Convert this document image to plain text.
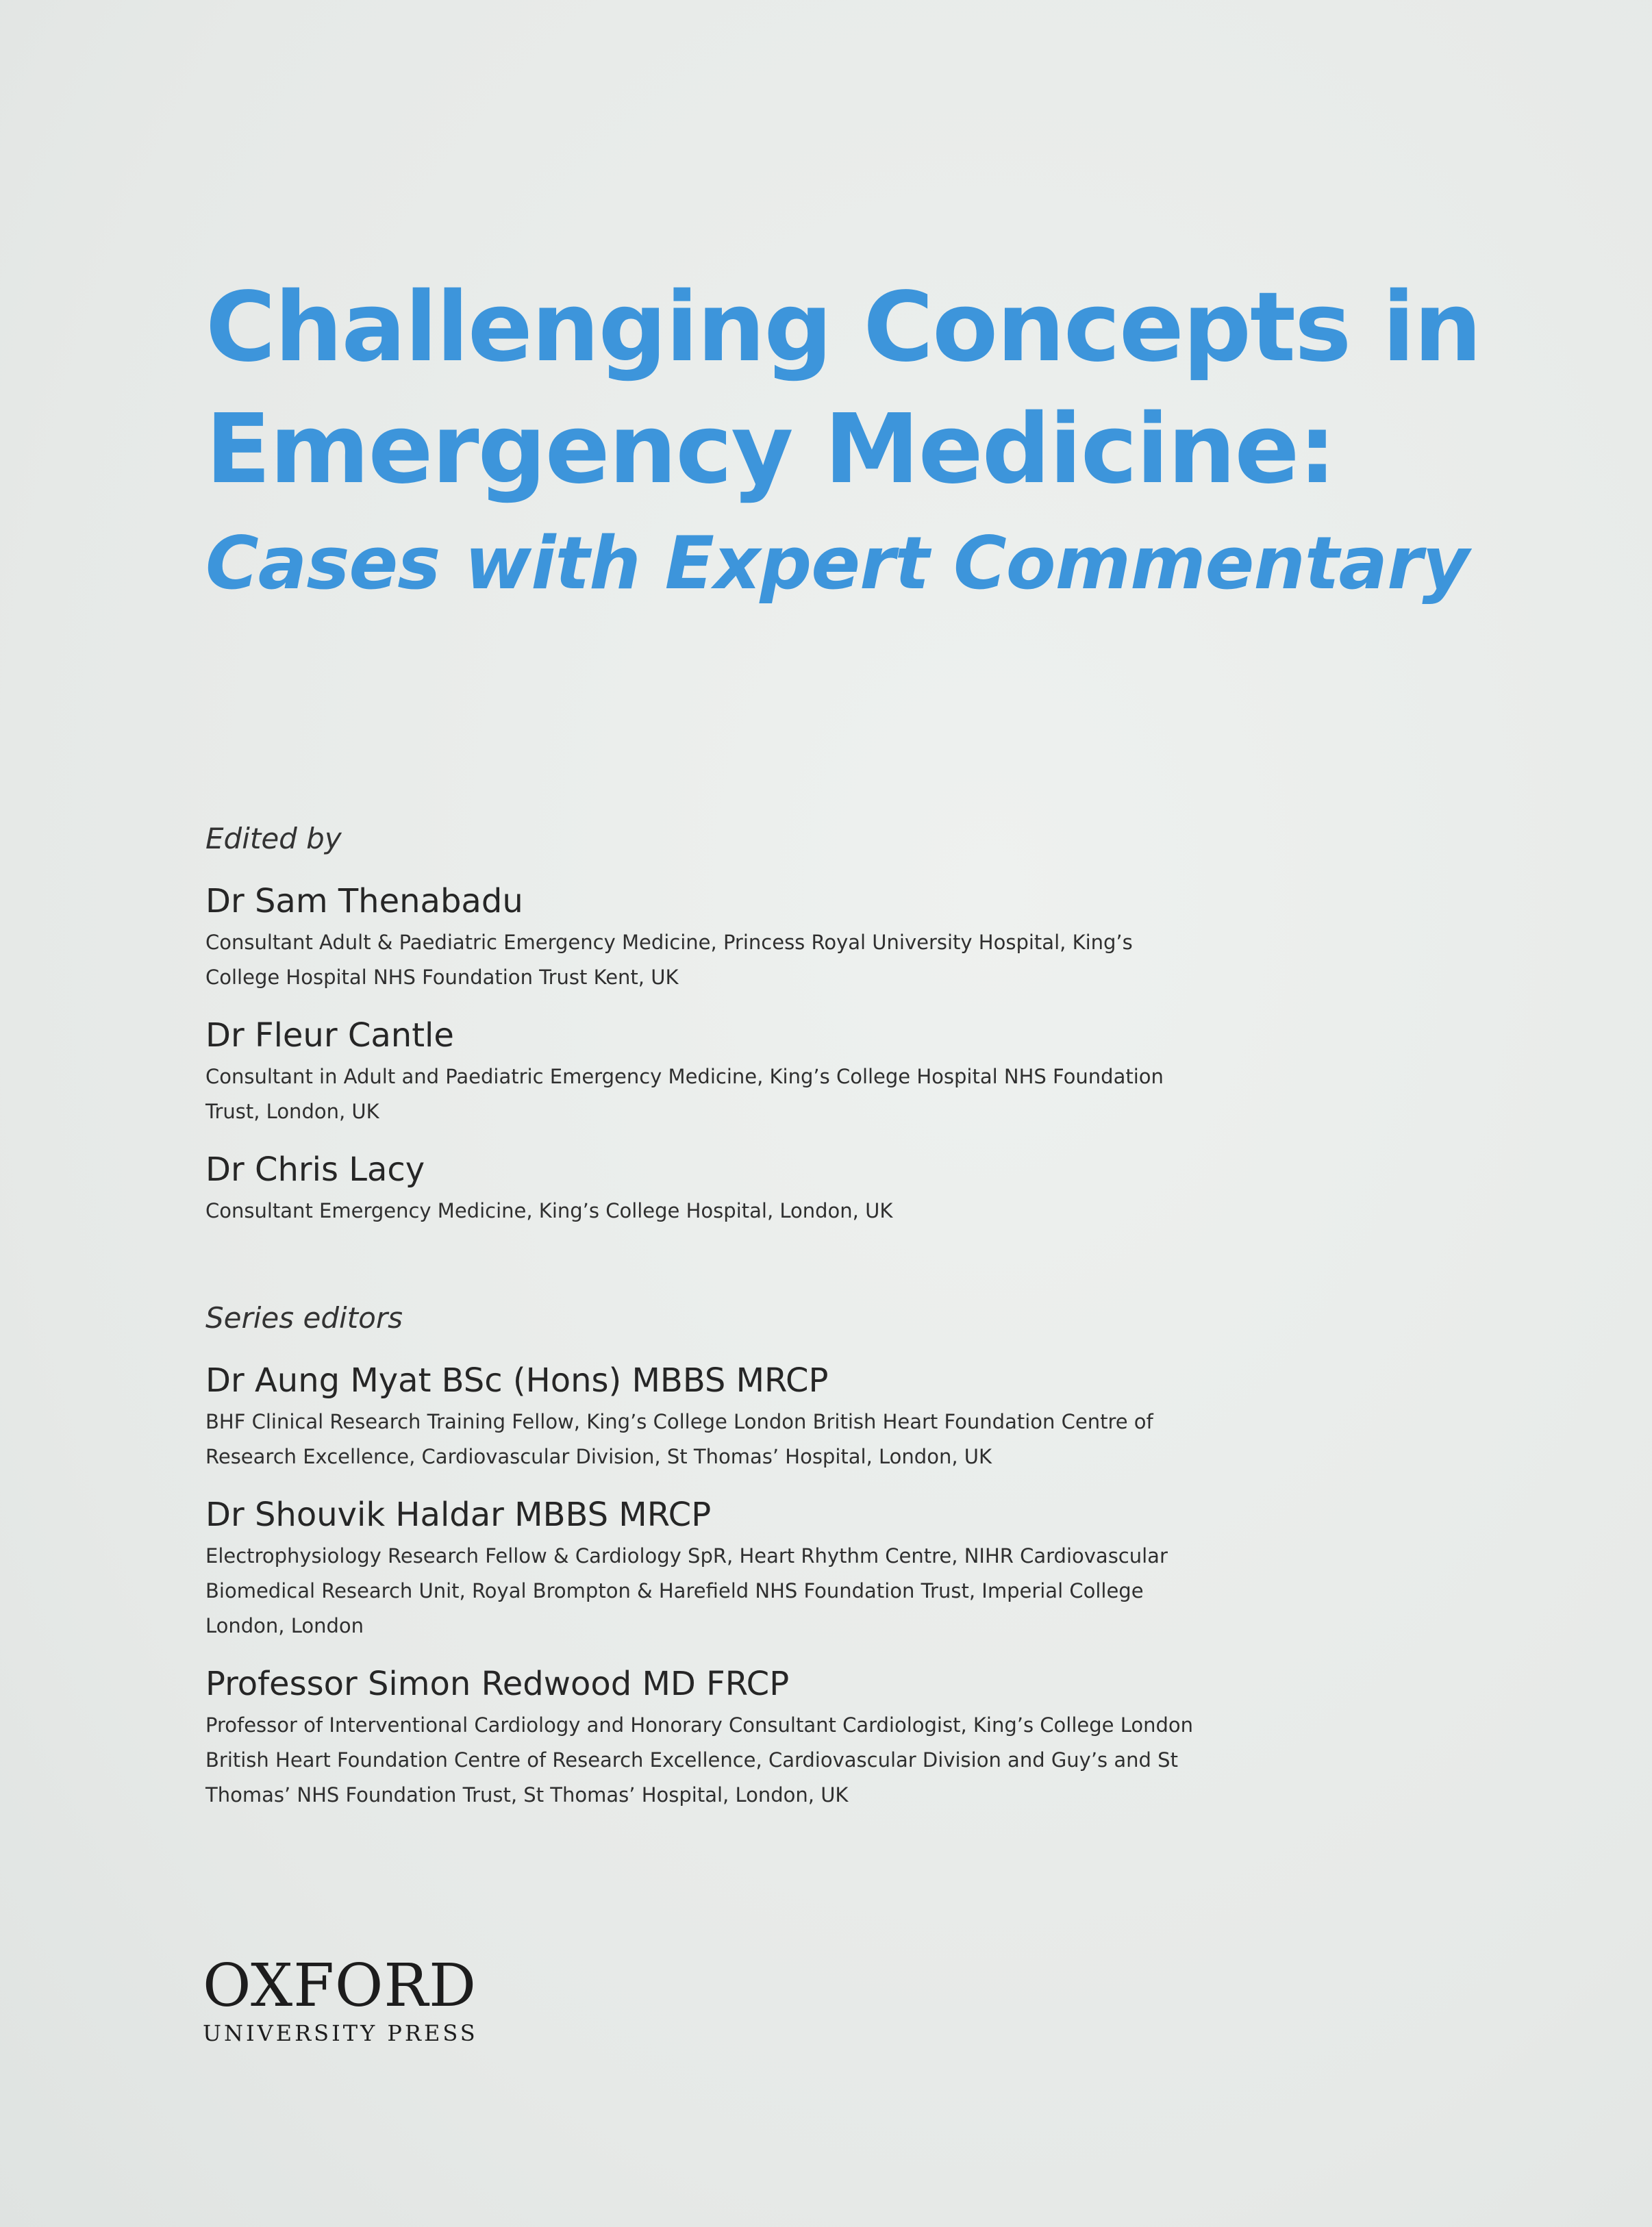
Challenging Concepts in
Emergency Medicine:
Cases with Expert Commentary

Edited by

Dr Sam Thenabadu

Consultant Adult & Paediatric Emergency Medicine, Princess Royal University Hospital, King’s College Hospital NHS Foundation Trust Kent, UK

Dr Fleur Cantle

Consultant in Adult and Paediatric Emergency Medicine, King’s College Hospital NHS Foundation Trust, London, UK

Dr Chris Lacy

Consultant Emergency Medicine, King’s College Hospital, London, UK

Series editors

Dr Aung Myat BSc (Hons) MBBS MRCP

BHF Clinical Research Training Fellow, King’s College London British Heart Foundation Centre of Research Excellence, Cardiovascular Division, St Thomas’ Hospital, London, UK

Dr Shouvik Haldar MBBS MRCP

Electrophysiology Research Fellow & Cardiology SpR, Heart Rhythm Centre, NIHR Cardiovascular Biomedical Research Unit, Royal Brompton & Harefield NHS Foundation Trust, Imperial College London, London

Professor Simon Redwood MD FRCP

Professor of Interventional Cardiology and Honorary Consultant Cardiologist, King’s College London British Heart Foundation Centre of Research Excellence, Cardiovascular Division and Guy’s and St Thomas’ NHS Foundation Trust, St Thomas’ Hospital, London, UK

OXFORD
UNIVERSITY PRESS
